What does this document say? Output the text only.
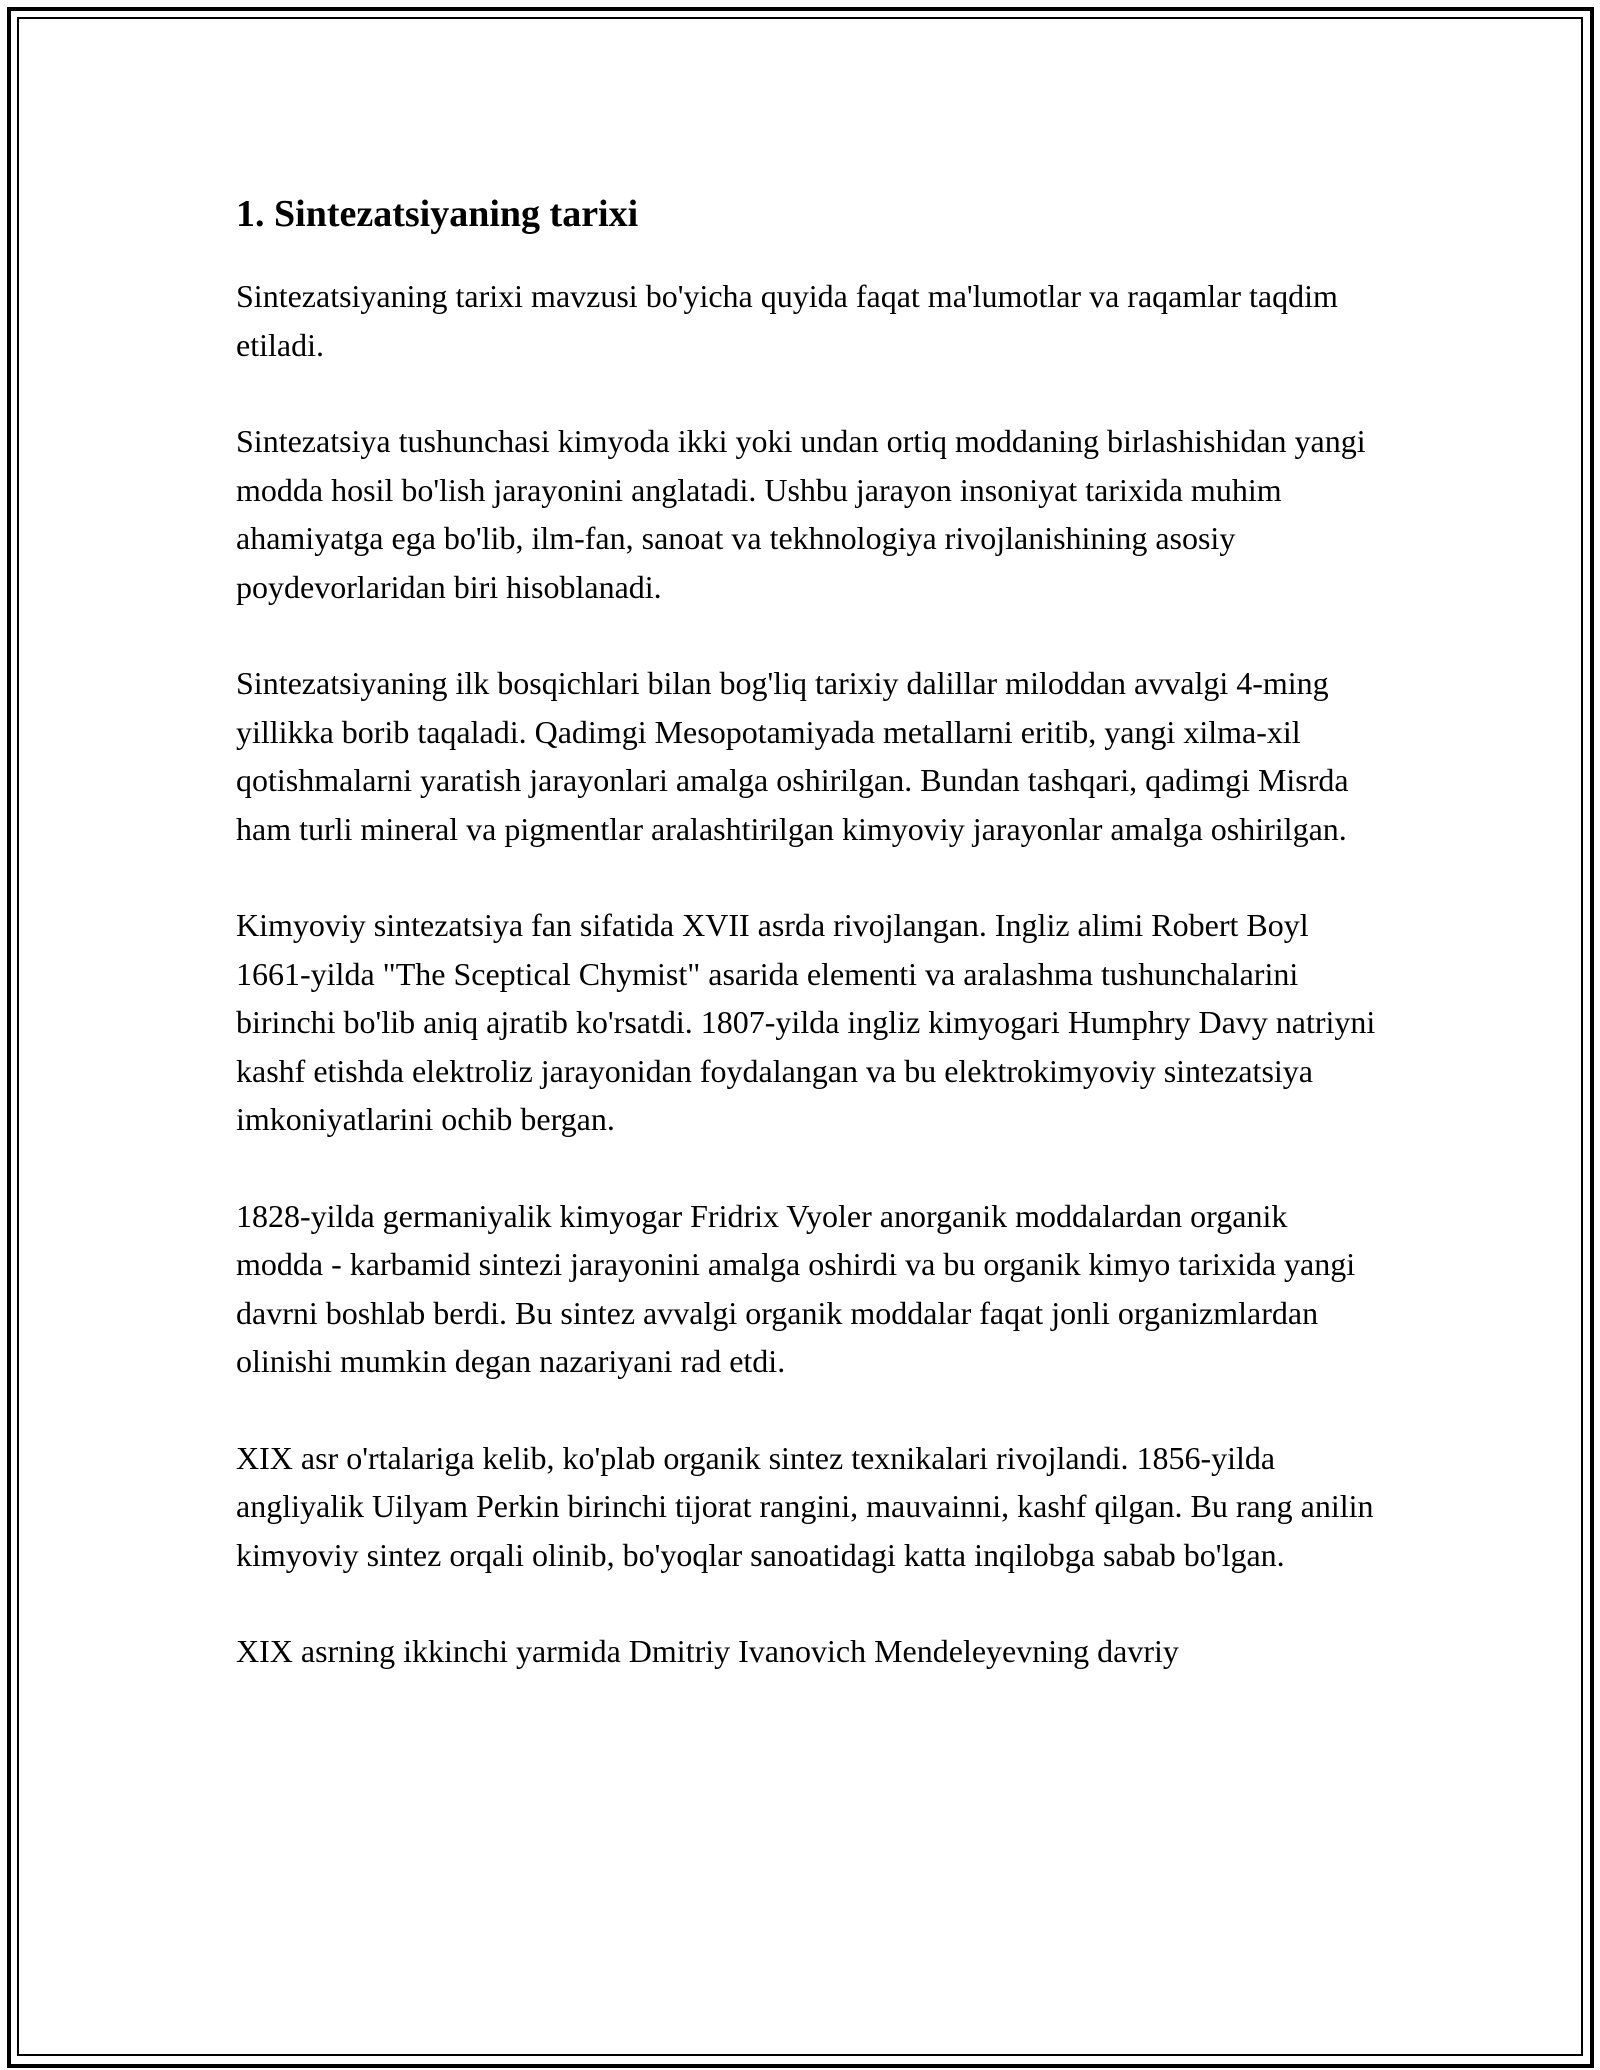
1. Sintezatsiyaning tarixi

Sintezatsiyaning tarixi mavzusi bo'yicha quyida faqat ma'lumotlar va raqamlar taqdim etiladi.

Sintezatsiya tushunchasi kimyoda ikki yoki undan ortiq moddaning birlashishidan yangi modda hosil bo'lish jarayonini anglatadi. Ushbu jarayon insoniyat tarixida muhim ahamiyatga ega bo'lib, ilm-fan, sanoat va tekhnologiya rivojlanishining asosiy poydevorlaridan biri hisoblanadi.

Sintezatsiyaning ilk bosqichlari bilan bog'liq tarixiy dalillar miloddan avvalgi 4-ming yillikka borib taqaladi. Qadimgi Mesopotamiyada metallarni eritib, yangi xilma-xil qotishmalarni yaratish jarayonlari amalga oshirilgan. Bundan tashqari, qadimgi Misrda ham turli mineral va pigmentlar aralashtirilgan kimyoviy jarayonlar amalga oshirilgan.

Kimyoviy sintezatsiya fan sifatida XVII asrda rivojlangan. Ingliz alimi Robert Boyl 1661-yilda "The Sceptical Chymist" asarida elementi va aralashma tushunchalarini birinchi bo'lib aniq ajratib ko'rsatdi. 1807-yilda ingliz kimyogari Humphry Davy natriyni kashf etishda elektroliz jarayonidan foydalangan va bu elektrokimyoviy sintezatsiya imkoniyatlarini ochib bergan.

1828-yilda germaniyalik kimyogar Fridrix Vyoler anorganik moddalardan organik modda - karbamid sintezi jarayonini amalga oshirdi va bu organik kimyo tarixida yangi davrni boshlab berdi. Bu sintez avvalgi organik moddalar faqat jonli organizmlardan olinishi mumkin degan nazariyani rad etdi.

XIX asr o'rtalariga kelib, ko'plab organik sintez texnikalari rivojlandi. 1856-yilda angliyalik Uilyam Perkin birinchi tijorat rangini, mauvainni, kashf qilgan. Bu rang anilin kimyoviy sintez orqali olinib, bo'yoqlar sanoatidagi katta inqilobga sabab bo'lgan.

XIX asrning ikkinchi yarmida Dmitriy Ivanovich Mendeleyevning davriy
